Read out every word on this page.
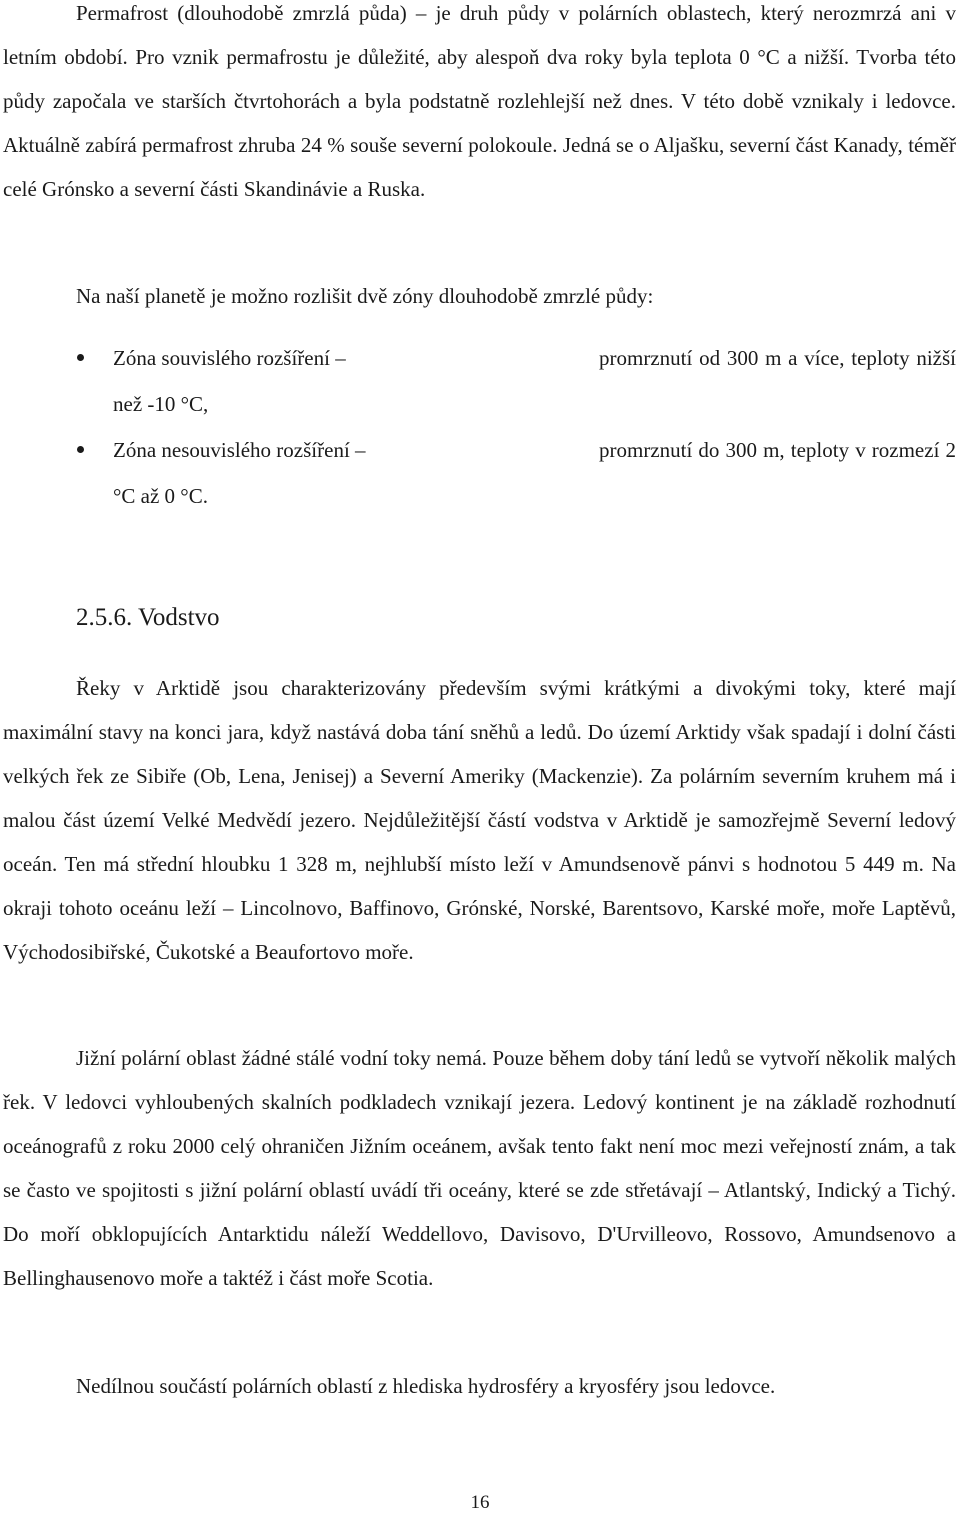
Permafrost (dlouhodobě zmrzlá půda) – je druh půdy v polárních oblastech, který nerozmrzá ani v letním období. Pro vznik permafrostu je důležité, aby alespoň dva roky byla teplota 0 °C a nižší. Tvorba této půdy započala ve starších čtvrtohorách a byla podstatně rozlehlejší než dnes. V této době vznikaly i ledovce. Aktuálně zabírá permafrost zhruba 24 % souše severní polokoule. Jedná se o Aljašku, severní část Kanady, téměř celé Grónsko a severní části Skandinávie a Ruska.

Na naší planetě je možno rozlišit dvě zóny dlouhodobě zmrzlé půdy:

Zóna souvislého rozšíření –	promrznutí od 300 m a více, teploty nižší než -10 °C,
Zóna nesouvislého rozšíření –	promrznutí do 300 m, teploty v rozmezí 2 °C až 0 °C.
2.5.6. Vodstvo

Řeky v Arktidě jsou charakterizovány především svými krátkými a divokými toky, které mají maximální stavy na konci jara, když nastává doba tání sněhů a ledů. Do území Arktidy však spadají i dolní části velkých řek ze Sibiře (Ob, Lena, Jenisej) a Severní Ameriky (Mackenzie). Za polárním severním kruhem má i malou část území Velké Medvědí jezero. Nejdůležitější částí vodstva v Arktidě je samozřejmě Severní ledový oceán. Ten má střední hloubku 1 328 m, nejhlubší místo leží v Amundsenově pánvi s hodnotou 5 449 m. Na okraji tohoto oceánu leží – Lincolnovo, Baffinovo, Grónské, Norské, Barentsovo, Karské moře, moře Laptěvů, Východosibiřské, Čukotské a Beaufortovo moře.

Jižní polární oblast žádné stálé vodní toky nemá. Pouze během doby tání ledů se vytvoří několik malých řek. V ledovci vyhloubených skalních podkladech vznikají jezera. Ledový kontinent je na základě rozhodnutí oceánografů z roku 2000 celý ohraničen Jižním oceánem, avšak tento fakt není moc mezi veřejností znám, a tak se často ve spojitosti s jižní polární oblastí uvádí tři oceány, které se zde střetávají – Atlantský, Indický a Tichý. Do moří obklopujících Antarktidu náleží Weddellovo, Davisovo, D'Urvilleovo, Rossovo, Amundsenovo a Bellinghausenovo moře a taktéž i část moře Scotia.

Nedílnou součástí polárních oblastí z hlediska hydrosféry a kryosféry jsou ledovce.

16
